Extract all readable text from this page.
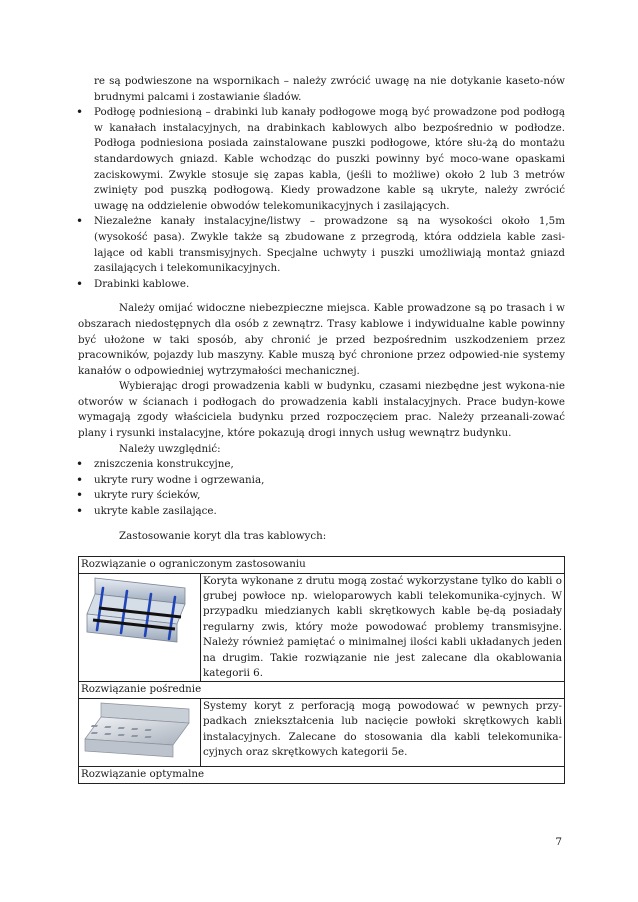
re są podwieszone na wspornikach – należy zwrócić uwagę na nie dotykanie kaseto-nów brudnymi palcami i zostawianie śladów.

• Podłogę podniesioną – drabinki lub kanały podłogowe mogą być prowadzone pod podłogą w kanałach instalacyjnych, na drabinkach kablowych albo bezpośrednio w podłodze. Podłoga podniesiona posiada zainstalowane puszki podłogowe, które słu-żą do montażu standardowych gniazd. Kable wchodząc do puszki powinny być moco-wane opaskami zaciskowymi. Zwykle stosuje się zapas kabla, (jeśli to możliwe) około 2 lub 3 metrów zwinięty pod puszką podłogową. Kiedy prowadzone kable są ukryte, należy zwrócić uwagę na oddzielenie obwodów telekomunikacyjnych i zasilających.
• Niezależne kanały instalacyjne/listwy – prowadzone są na wysokości około 1,5m (wysokość pasa). Zwykle także są zbudowane z przegrodą, która oddziela kable zasi-lające od kabli transmisyjnych. Specjalne uchwyty i puszki umożliwiają montaż gniazd zasilających i telekomunikacyjnych.
• Drabinki kablowe.

Należy omijać widoczne niebezpieczne miejsca. Kable prowadzone są po trasach i w obszarach niedostępnych dla osób z zewnątrz. Trasy kablowe i indywidualne kable powinny być ułożone w taki sposób, aby chronić je przed bezpośrednim uszkodzeniem przez pracowników, pojazdy lub maszyny. Kable muszą być chronione przez odpowied-nie systemy kanałów o odpowiedniej wytrzymałości mechanicznej.

Wybierając drogi prowadzenia kabli w budynku, czasami niezbędne jest wykona-nie otworów w ścianach i podłogach do prowadzenia kabli instalacyjnych. Prace budyn-kowe wymagają zgody właściciela budynku przed rozpoczęciem prac. Należy przeanali-zować plany i rysunki instalacyjne, które pokazują drogi innych usług wewnątrz budynku.

Należy uwzględnić:

• zniszczenia konstrukcyjne,
• ukryte rury wodne i ogrzewania,
• ukryte rury ścieków,
• ukryte kable zasilające.

Zastosowanie koryt dla tras kablowych:

Rozwiązanie o ograniczonym zastosowaniu	
	Koryta wykonane z drutu mogą zostać wykorzystane tylko do kabli o grubej powłoce np. wieloparowych kabli telekomunika-cyjnych. W przypadku miedzianych kabli skrętkowych kable bę-dą posiadały regularny zwis, który może powodować problemy transmisyjne. Należy również pamiętać o minimalnej ilości kabli układanych jeden na drugim. Takie rozwiązanie nie jest zalecane dla okablowania kategorii 6.
Rozwiązanie pośrednie	
	Systemy koryt z perforacją mogą powodować w pewnych przy-padkach zniekształcenia lub nacięcie powłoki skrętkowych kabli instalacyjnych. Zalecane do stosowania dla kabli telekomunika-cyjnych oraz skrętkowych kategorii 5e.
Rozwiązanie optymalne	
7
